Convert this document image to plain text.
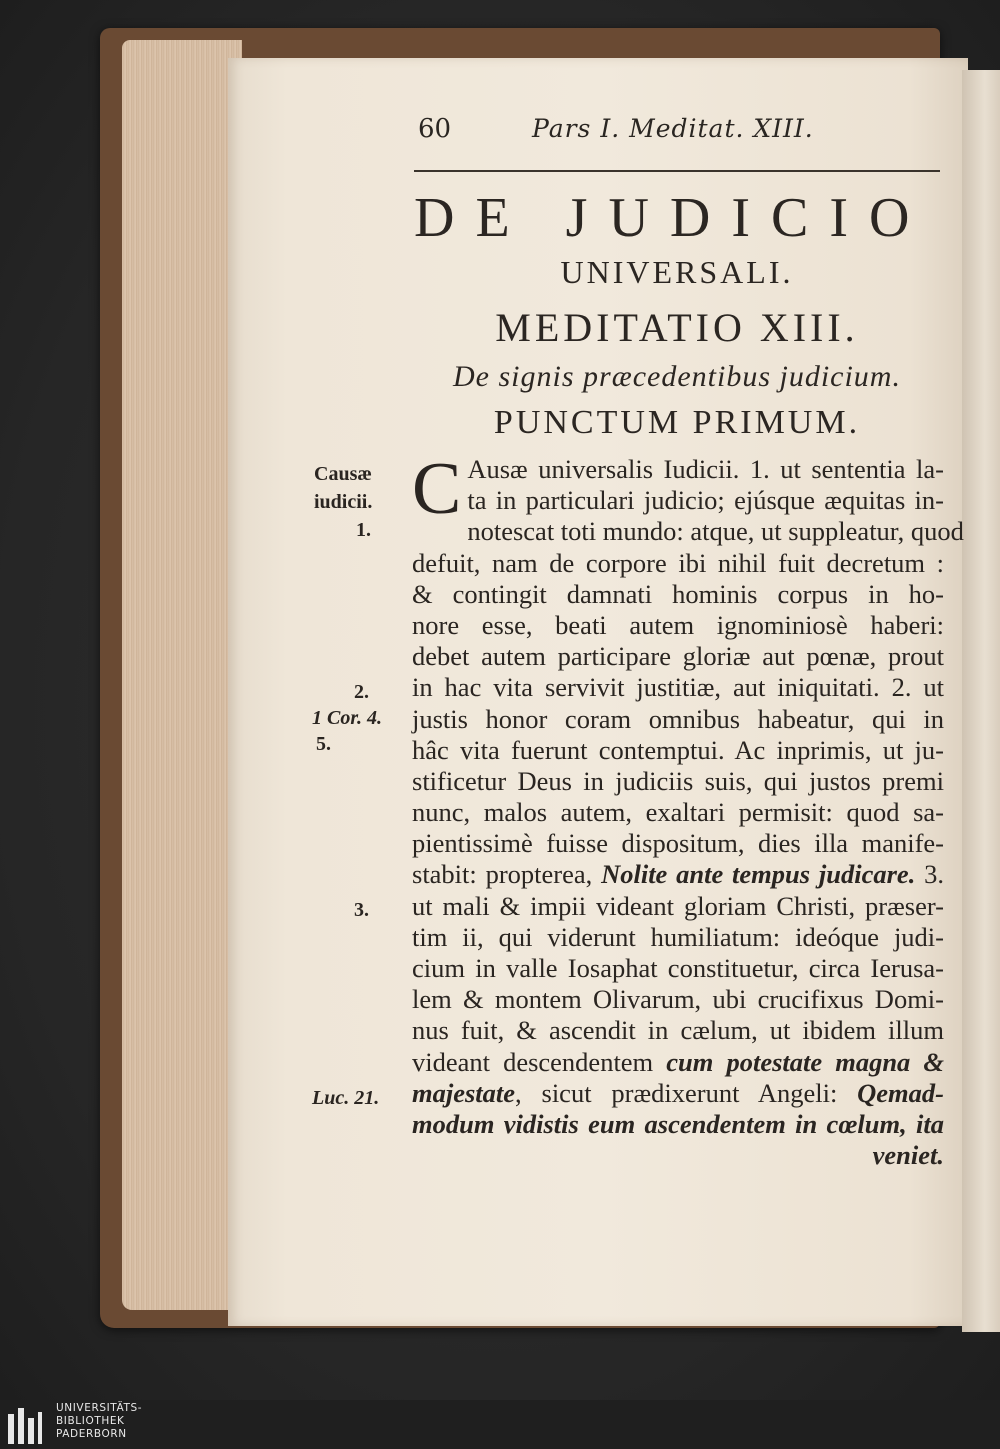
60	Pars I. Meditat. XIII.
DE JUDICIO
UNIVERSALI.
MEDITATIO XIII.
De signis præcedentibus judicium.
PUNCTUM PRIMUM.
C Ausæ universalis Iudicii. 1. ut sententia la-
ta in particulari judicio; ejúsque æquitas in-
notescat toti mundo: atque, ut suppleatur, quod
defuit, nam de corpore ibi nihil fuit decretum :
& contingit damnati hominis corpus in ho-
nore esse, beati autem ignominiosè haberi:
debet autem participare gloriæ aut pœnæ, prout
in hac vita servivit justitiæ, aut iniquitati. 2. ut
justis honor coram omnibus habeatur, qui in
hâc vita fuerunt contemptui. Ac inprimis, ut ju-
stificetur Deus in judiciis suis, qui justos premi
nunc, malos autem, exaltari permisit: quod sa-
pientissimè fuisse dispositum, dies illa manife-
stabit: propterea, Nolite ante tempus judicare. 3.
ut mali & impii videant gloriam Christi, præser-
tim ii, qui viderunt humiliatum: ideóque judi-
cium in valle Iosaphat constituetur, circa Ierusa-
lem & montem Olivarum, ubi crucifixus Domi-
nus fuit, & ascendit in cælum, ut ibidem illum
videant descendentem cum potestate magna &
majestate, sicut prædixerunt Angeli: Qemad-
modum vidistis eum ascendentem in cœlum, ita
veniet.
Causæ
iudicii.
1.
2.
1 Cor. 4.
5.
3.
Luc. 21.
UNIVERSITÄTS-
BIBLIOTHEK
PADERBORN
